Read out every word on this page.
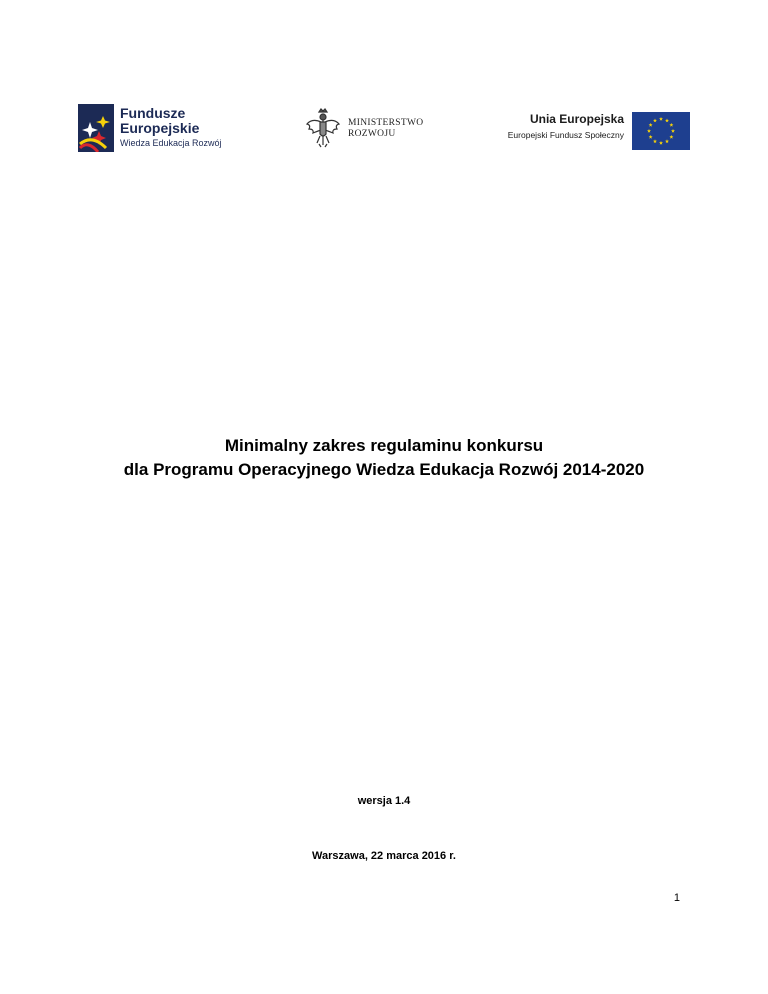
Fundusze
Europejskie
Wiedza Edukacja Rozwój
MINISTERSTWO
ROZWOJU
Unia Europejska
Europejski Fundusz Społeczny
Minimalny zakres regulaminu konkursu
dla Programu Operacyjnego Wiedza Edukacja Rozwój 2014-2020
wersja 1.4
Warszawa, 22 marca 2016 r.
1
